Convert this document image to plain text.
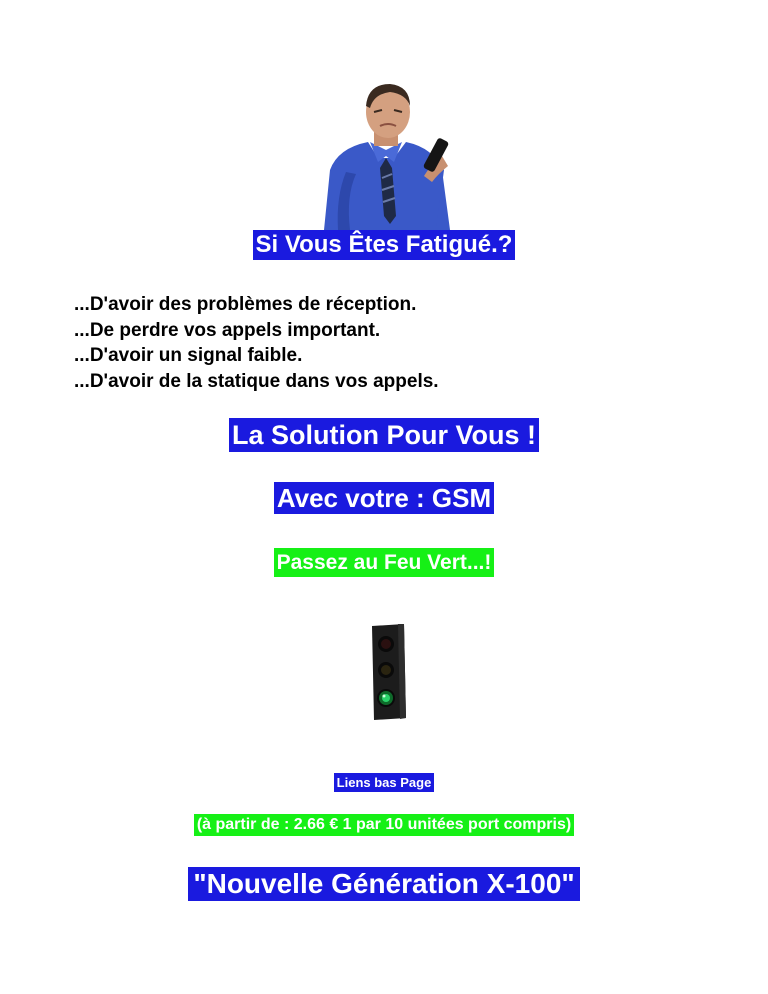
Si Vous Êtes Fatigué.?
...D'avoir des problèmes de réception.
...De perdre vos appels important.
...D'avoir un signal faible.
...D'avoir de la statique dans vos appels.
La Solution Pour Vous !
Avec votre : GSM
Passez au Feu Vert...!
Liens bas Page
(à partir de : 2.66 € 1 par 10 unitées port compris)
"Nouvelle Génération X-100"
